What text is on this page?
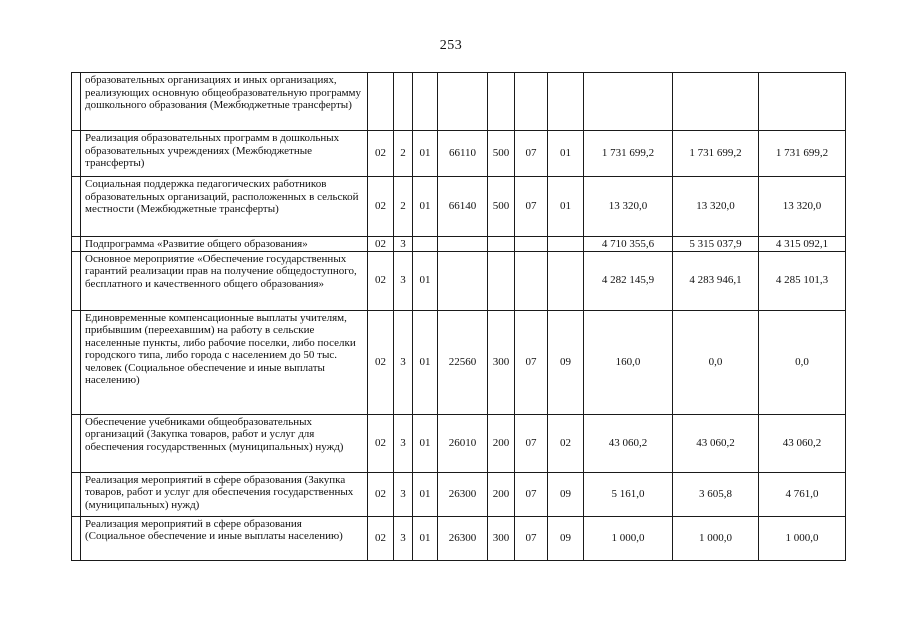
253
	образовательных организациях и иных организациях, реализующих основную общеобразовательную программу дошкольного образования (Межбюджетные трансферты)										
	Реализация образовательных программ в дошкольных образовательных учреждениях (Межбюджетные трансферты)	02	2	01	66110	500	07	01	1 731 699,2	1 731 699,2	1 731 699,2
	Социальная поддержка педагогических работников образовательных организаций, расположенных в сельской местности (Межбюджетные трансферты)	02	2	01	66140	500	07	01	13 320,0	13 320,0	13 320,0
	Подпрограмма «Развитие общего образования»	02	3						4 710 355,6	5 315 037,9	4 315 092,1
	Основное мероприятие «Обеспечение государственных гарантий реализации прав на получение общедоступного, бесплатного и качественного общего образования»	02	3	01					4 282 145,9	4 283 946,1	4 285 101,3
	Единовременные компенсационные выплаты учителям, прибывшим (переехавшим) на работу в сельские населенные пункты, либо рабочие поселки, либо поселки городского типа, либо города с населением до 50 тыс. человек (Социальное обеспечение и иные выплаты населению)	02	3	01	22560	300	07	09	160,0	0,0	0,0
	Обеспечение учебниками общеобразовательных организаций (Закупка товаров, работ и услуг для обеспечения государственных (муниципальных) нужд)	02	3	01	26010	200	07	02	43 060,2	43 060,2	43 060,2
	Реализация мероприятий в сфере образования (Закупка товаров, работ и услуг для обеспечения государственных (муниципальных) нужд)	02	3	01	26300	200	07	09	5 161,0	3 605,8	4 761,0
	Реализация мероприятий в сфере образования (Социальное обеспечение и иные выплаты населению)	02	3	01	26300	300	07	09	1 000,0	1 000,0	1 000,0
